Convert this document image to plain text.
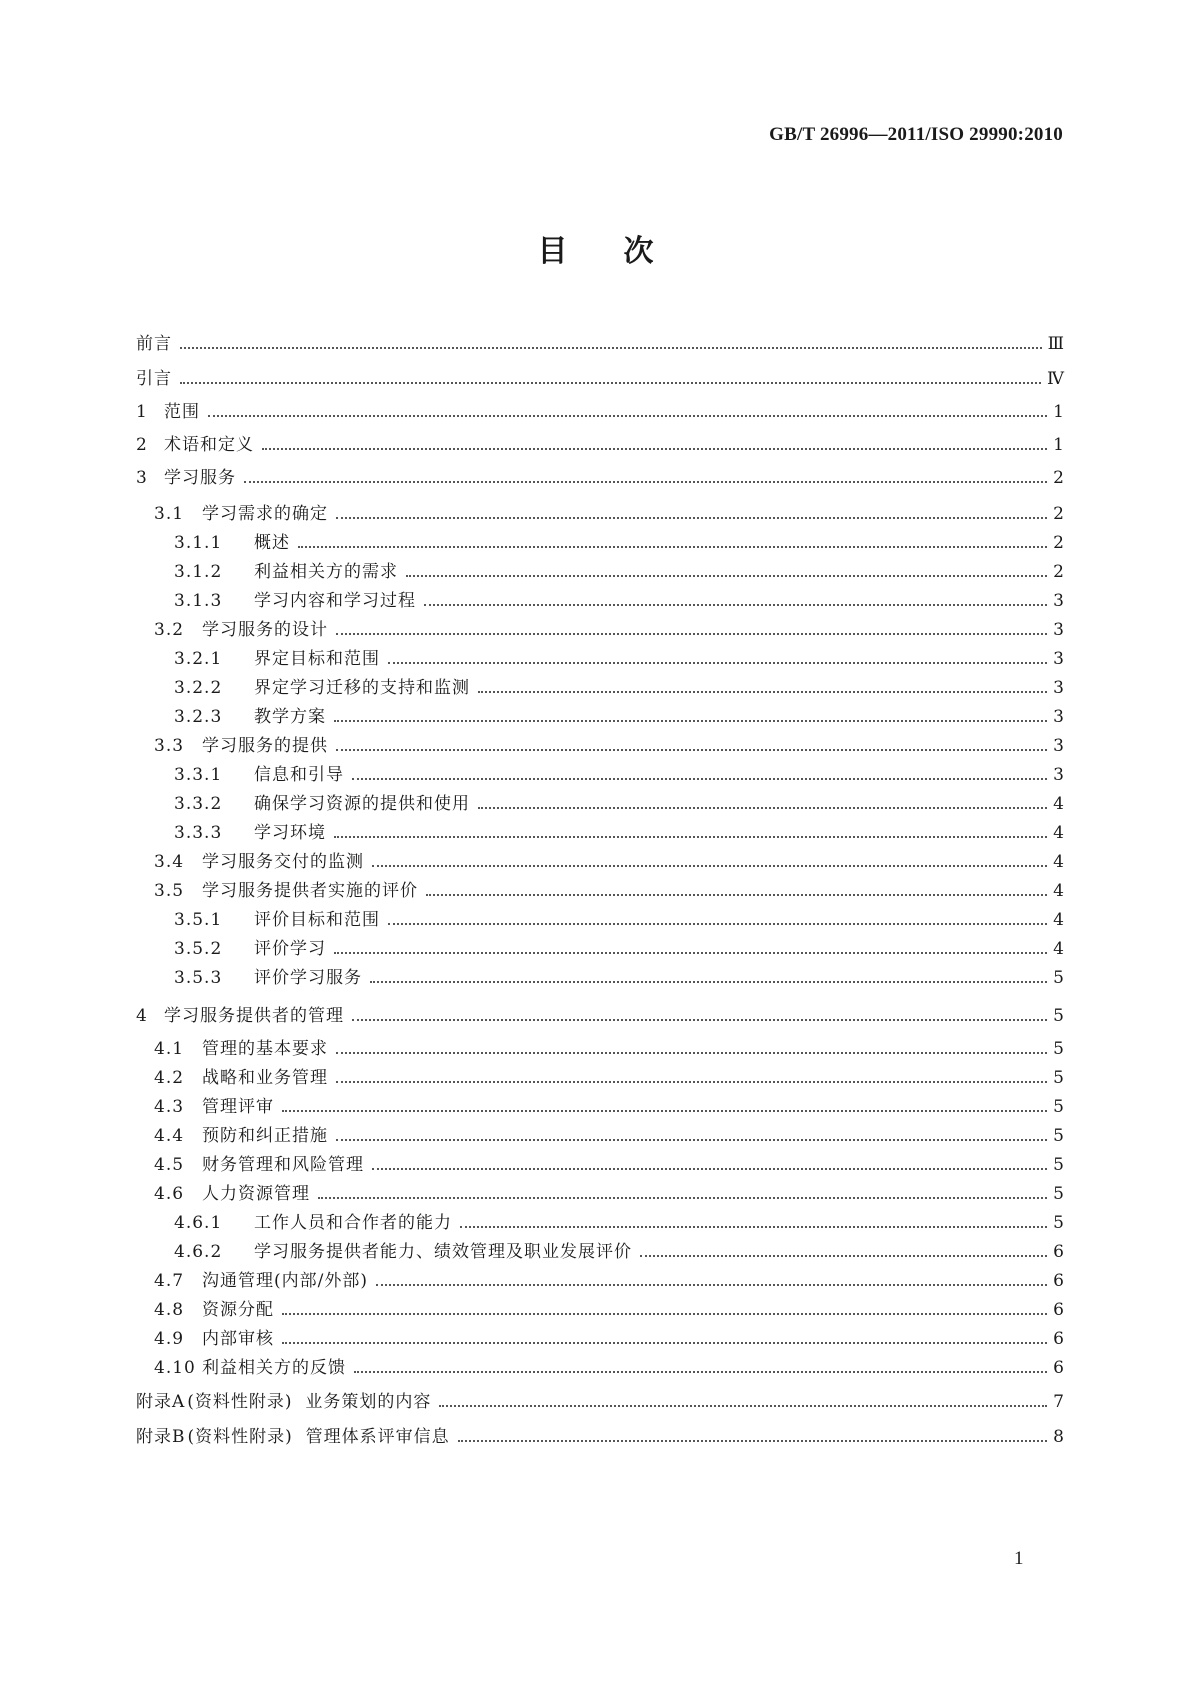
GB/T 26996—2011/ISO 29990:2010
目 次
前言	Ⅲ
引言	Ⅳ
1 范围	1
2 术语和定义	1
3 学习服务	2
3.1 学习需求的确定	2
3.1.1 概述	2
3.1.2 利益相关方的需求	2
3.1.3 学习内容和学习过程	3
3.2 学习服务的设计	3
3.2.1 界定目标和范围	3
3.2.2 界定学习迁移的支持和监测	3
3.2.3 教学方案	3
3.3 学习服务的提供	3
3.3.1 信息和引导	3
3.3.2 确保学习资源的提供和使用	4
3.3.3 学习环境	4
3.4 学习服务交付的监测	4
3.5 学习服务提供者实施的评价	4
3.5.1 评价目标和范围	4
3.5.2 评价学习	4
3.5.3 评价学习服务	5
4 学习服务提供者的管理	5
4.1 管理的基本要求	5
4.2 战略和业务管理	5
4.3 管理评审	5
4.4 预防和纠正措施	5
4.5 财务管理和风险管理	5
4.6 人力资源管理	5
4.6.1 工作人员和合作者的能力	5
4.6.2 学习服务提供者能力、绩效管理及职业发展评价	6
4.7 沟通管理(内部/外部)	6
4.8 资源分配	6
4.9 内部审核	6
4.10 利益相关方的反馈	6
附录A (资料性附录)  业务策划的内容	7
附录B (资料性附录)  管理体系评审信息	8
1
